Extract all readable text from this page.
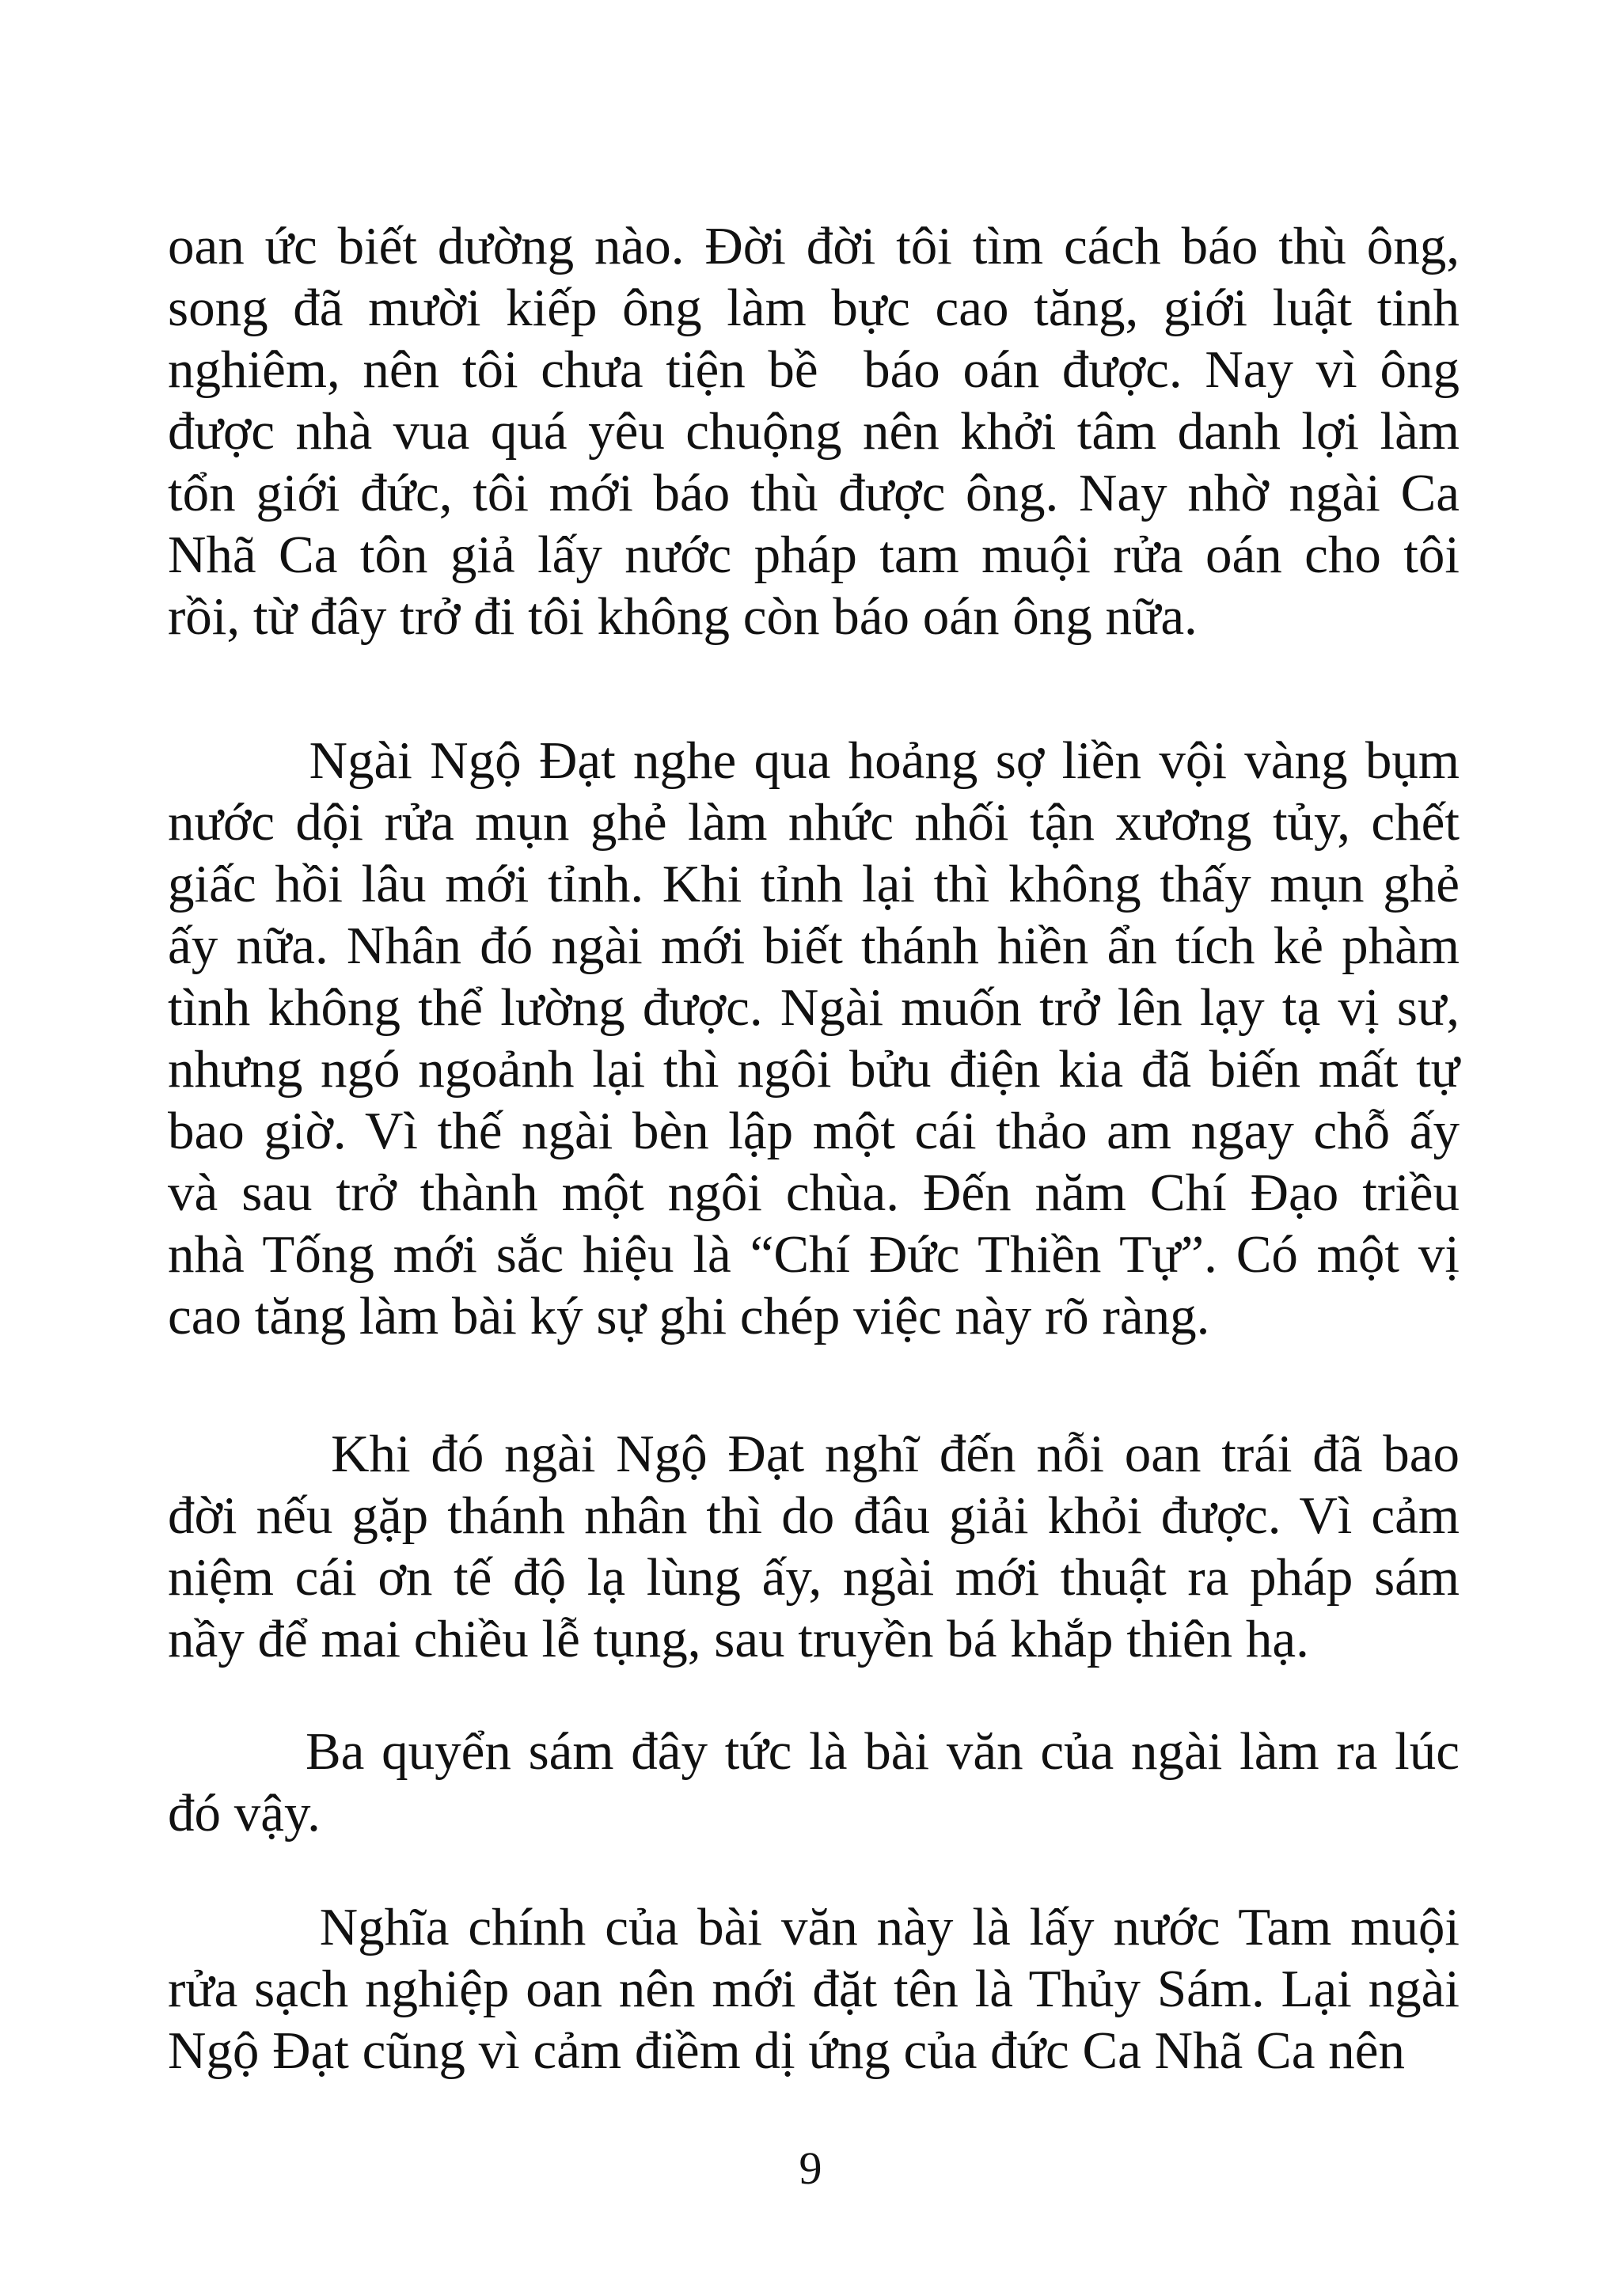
oan ức biết dường nào. Đời đời tôi tìm cách báo thù ông,
song đã mười kiếp ông làm bực cao tăng, giới luật tinh
nghiêm, nên tôi chưa tiện bề  báo oán được. Nay vì ông
được nhà vua quá yêu chuộng nên khởi tâm danh lợi làm
tổn giới đức, tôi mới báo thù được ông. Nay nhờ ngài Ca
Nhã Ca tôn giả lấy nước pháp tam muội rửa oán cho tôi
rồi, từ đây trở đi tôi không còn báo oán ông nữa.
Ngài Ngộ Đạt nghe qua hoảng sợ liền vội vàng bụm
nước dội rửa mụn ghẻ làm nhức nhối tận xương tủy, chết
giấc hồi lâu mới tỉnh. Khi tỉnh lại thì không thấy mụn ghẻ
ấy nữa. Nhân đó ngài mới biết thánh hiền ẩn tích kẻ phàm
tình không thể lường được. Ngài muốn trở lên lạy tạ vị sư,
nhưng ngó ngoảnh lại thì ngôi bửu điện kia đã biến mất tự
bao giờ. Vì thế ngài bèn lập một cái thảo am ngay chỗ ấy
và sau trở thành một ngôi chùa. Đến năm Chí Đạo triều
nhà Tống mới sắc hiệu là “Chí Đức Thiền Tự”. Có một vị
cao tăng làm bài ký sự ghi chép việc này rõ ràng.
Khi đó ngài Ngộ Đạt nghĩ đến nỗi oan trái đã bao
đời nếu gặp thánh nhân thì do đâu giải khỏi được. Vì cảm
niệm cái ơn tế độ lạ lùng ấy, ngài mới thuật ra pháp sám
nầy để mai chiều lễ tụng, sau truyền bá khắp thiên hạ.
Ba quyển sám đây tức là bài văn của ngài làm ra lúc
đó vậy.
Nghĩa chính của bài văn này là lấy nước Tam muội
rửa sạch nghiệp oan nên mới đặt tên là Thủy Sám. Lại ngài
Ngộ Đạt cũng vì cảm điềm dị ứng của đức Ca Nhã Ca nên
9
